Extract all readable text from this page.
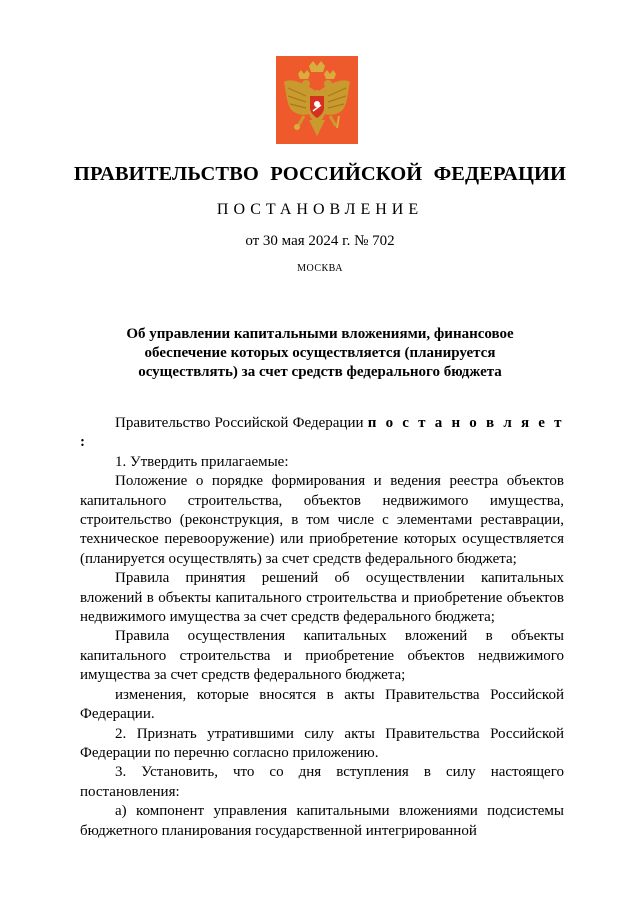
ПРАВИТЕЛЬСТВО РОССИЙСКОЙ ФЕДЕРАЦИИ
ПОСТАНОВЛЕНИЕ
от 30 мая 2024 г. № 702
МОСКВА
Об управлении капитальными вложениями, финансовое обеспечение которых осуществляется (планируется осуществлять) за счет средств федерального бюджета

Правительство Российской Федерации п о с т а н о в л я е т :

1. Утвердить прилагаемые:

Положение о порядке формирования и ведения реестра объектов капитального строительства, объектов недвижимого имущества, строительство (реконструкция, в том числе с элементами реставрации, техническое перевооружение) или приобретение которых осуществляется (планируется осуществлять) за счет средств федерального бюджета;

Правила принятия решений об осуществлении капитальных вложений в объекты капитального строительства и приобретение объектов недвижимого имущества за счет средств федерального бюджета;

Правила осуществления капитальных вложений в объекты капитального строительства и приобретение объектов недвижимого имущества за счет средств федерального бюджета;

изменения, которые вносятся в акты Правительства Российской Федерации.

2. Признать утратившими силу акты Правительства Российской Федерации по перечню согласно приложению.

3. Установить, что со дня вступления в силу настоящего постановления:

а) компонент управления капитальными вложениями подсистемы бюджетного планирования государственной интегрированной
